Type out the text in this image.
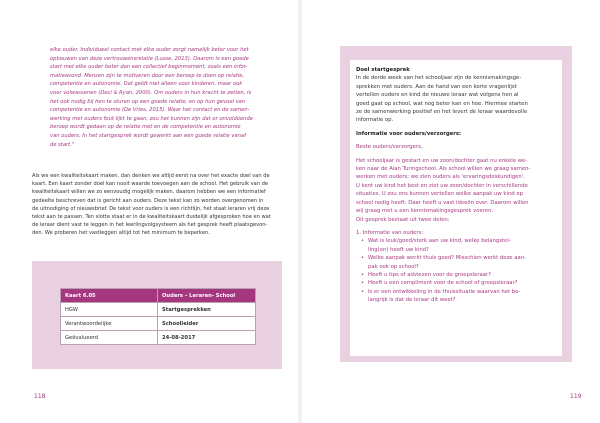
elke ouder. Individueel contact met elke ouder zorgt namelijk beter voor het
opbouwen van deze vertrouwensrelatie (Lusse, 2013). Daarom is een goede
start met elke ouder beter dan een collectief beginmoment, zoals een infor-
matieavond. Mensen zijn te motiveren door een beroep te doen op relatie,
competentie en autonomie. Dat geldt niet alleen voor kinderen, maar ook
voor volwassenen (Deci & Ryan, 2000). Om ouders in hun kracht te zetten, is
het ook nodig bij hen te sturen op een goede relatie, en op hun gevoel van
competentie en autonomie (De Vries, 2015). Waar het contact en de samen-
werking met ouders fout lijkt te gaan, zou het kunnen zijn dat er onvoldoende
beroep wordt gedaan op de relatie met en de competentie en autonomie
van ouders. In het startgesprek wordt gewerkt aan een goede relatie vanaf
de start."
Als we een kwaliteitskaart maken, dan denken we altijd eerst na over het exacte doel van de
kaart. Een kaart zonder doel kan nooit waarde toevoegen aan de school. Het gebruik van de
kwaliteitskaart willen we zo eenvoudig mogelijk maken, daarom hebben we een informatief
gedeelte beschreven dat is gericht aan ouders. Deze tekst kan zo worden overgenomen in
de uitnodiging of nieuwsbrief. De tekst voor ouders is een richtlijn, het staat leraren vrij deze
tekst aan te passen. Ten slotte staat er in de kwaliteitskaart duidelijk afgesproken hoe en wat
de leraar dient vast te leggen in het leerlingvolgsysteem als het gesprek heeft plaatsgevon-
den. We proberen het vastleggen altijd tot het minimum te beperken.
Kaart 6.05	Ouders – Leraren- School
HGW	Startgesprekken
Verantwoordelijke	Schoolleider
Geëvalueerd	24-08-2017
118
Doel startgesprek

In de derde week van het schooljaar zijn de kennismakingsge-
sprekken met ouders. Aan de hand van een korte vragenlijst
vertellen ouders en kind de nieuwe leraar wat volgens hen al
goed gaat op school, wat nog beter kan en hoe. Hiermee starten
ze de samenwerking positief en het levert de leraar waardevolle
informatie op.

Informatie voor ouders/verzorgers:

Beste ouders/verzorgers,

Het schooljaar is gestart en uw zoon/dochter gaat nu enkele we-
ken naar de Alan Turingschool. Als school willen we graag samen-
werken met ouders; we zien ouders als 'ervaringsdeskundigen'.
U kent uw kind het best en ziet uw zoon/dochter in verschillende
situaties. U zou ons kunnen vertellen welke aanpak uw kind op
school nodig heeft. Daar heeft u vast ideeën over. Daarom willen
wij graag met u een kennismakingsgesprek voeren.
Dit gesprek bestaat uit twee delen:

1. Informatie van ouders:
• Wat is leuk/goed/sterk aan uw kind, welke belangstel-
ling(en) heeft uw kind?
• Welke aanpak werkt thuis goed? Misschien werkt deze aan-
pak ook op school?
• Heeft u tips of adviezen voor de groepsleraar?
• Heeft u een compliment voor de school of groepsleraar?
• Is er een ontwikkeling in de thuissituatie waarvan het be-
langrijk is dat de leraar dit weet?
119
